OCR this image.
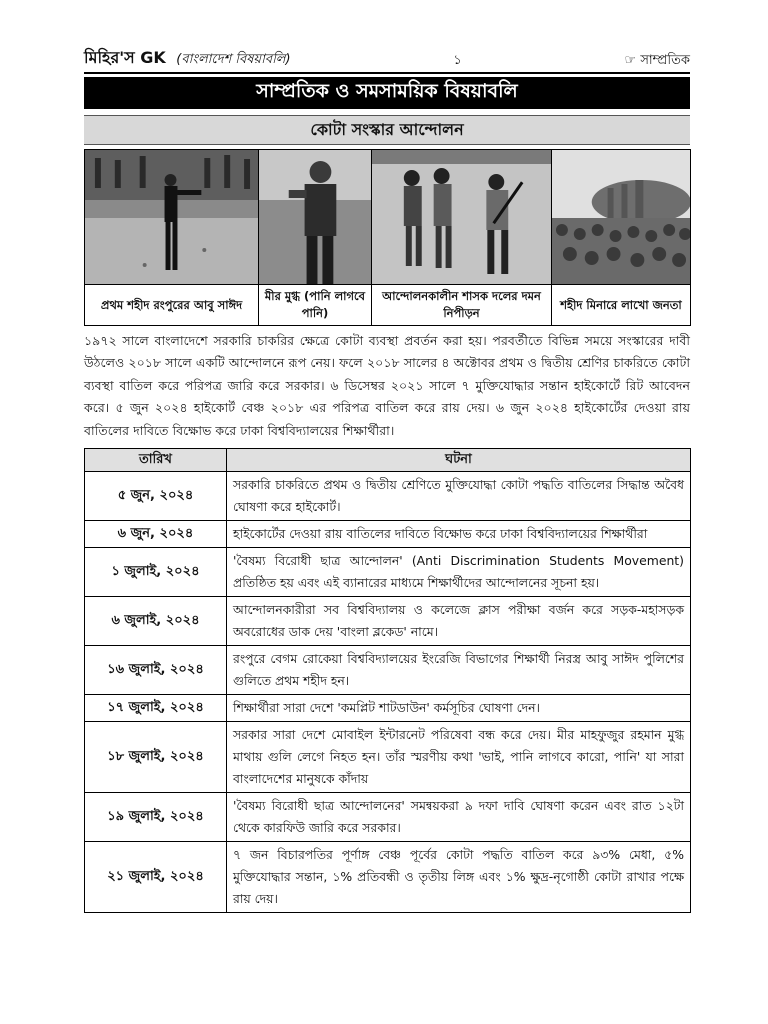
মিহির'স GK (বাংলাদেশ বিষয়াবলি)	১	☞ সাম্প্রতিক
সাম্প্রতিক ও সমসাময়িক বিষয়াবলি
কোটা সংস্কার আন্দোলন

প্রথম শহীদ রংপুরের আবু সাঈদ	মীর মুগ্ধ (পানি লাগবে পানি)	আন্দোলনকালীন শাসক দলের দমন নিপীড়ন	শহীদ মিনারে লাখো জনতা

১৯৭২ সালে বাংলাদেশে সরকারি চাকরির ক্ষেত্রে কোটা ব্যবস্থা প্রবর্তন করা হয়। পরবর্তীতে বিভিন্ন সময়ে সংস্কারের দাবী উঠলেও ২০১৮ সালে একটি আন্দোলনে রূপ নেয়। ফলে ২০১৮ সালের ৪ অক্টোবর প্রথম ও দ্বিতীয় শ্রেণির চাকরিতে কোটা ব্যবস্থা বাতিল করে পরিপত্র জারি করে সরকার। ৬ ডিসেম্বর ২০২১ সালে ৭ মুক্তিযোদ্ধার সন্তান হাইকোর্টে রিট আবেদন করে। ৫ জুন ২০২৪ হাইকোর্ট বেঞ্চ ২০১৮ এর পরিপত্র বাতিল করে রায় দেয়। ৬ জুন ২০২৪ হাইকোর্টের দেওয়া রায় বাতিলের দাবিতে বিক্ষোভ করে ঢাকা বিশ্ববিদ্যালয়ের শিক্ষার্থীরা।

তারিখ	ঘটনা
৫ জুন, ২০২৪	সরকারি চাকরিতে প্রথম ও দ্বিতীয় শ্রেণিতে মুক্তিযোদ্ধা কোটা পদ্ধতি বাতিলের সিদ্ধান্ত অবৈধ ঘোষণা করে হাইকোর্ট।
৬ জুন, ২০২৪	হাইকোর্টের দেওয়া রায় বাতিলের দাবিতে বিক্ষোভ করে ঢাকা বিশ্ববিদ্যালয়ের শিক্ষার্থীরা
১ জুলাই, ২০২৪	'বৈষম্য বিরোধী ছাত্র আন্দোলন' (Anti Discrimination Students Movement) প্রতিষ্ঠিত হয় এবং এই ব্যানারের মাধ্যমে শিক্ষার্থীদের আন্দোলনের সূচনা হয়।
৬ জুলাই, ২০২৪	আন্দোলনকারীরা সব বিশ্ববিদ্যালয় ও কলেজে ক্লাস পরীক্ষা বর্জন করে সড়ক-মহাসড়ক অবরোধের ডাক দেয় 'বাংলা ব্লকেড' নামে।
১৬ জুলাই, ২০২৪	রংপুরে বেগম রোকেয়া বিশ্ববিদ্যালয়ের ইংরেজি বিভাগের শিক্ষার্থী নিরস্ত্র আবু সাঈদ পুলিশের গুলিতে প্রথম শহীদ হন।
১৭ জুলাই, ২০২৪	শিক্ষার্থীরা সারা দেশে 'কমপ্লিট শাটডাউন' কর্মসূচির ঘোষণা দেন।
১৮ জুলাই, ২০২৪	সরকার সারা দেশে মোবাইল ইন্টারনেট পরিষেবা বন্ধ করে দেয়। মীর মাহফুজুর রহমান মুগ্ধ মাথায় গুলি লেগে নিহত হন। তাঁর স্মরণীয় কথা 'ভাই, পানি লাগবে কারো, পানি' যা সারা বাংলাদেশের মানুষকে কাঁদায়
১৯ জুলাই, ২০২৪	'বৈষম্য বিরোধী ছাত্র আন্দোলনের' সমন্বয়করা ৯ দফা দাবি ঘোষণা করেন এবং রাত ১২টা থেকে কারফিউ জারি করে সরকার।
২১ জুলাই, ২০২৪	৭ জন বিচারপতির পূর্ণাঙ্গ বেঞ্চ পূর্বের কোটা পদ্ধতি বাতিল করে ৯৩% মেধা, ৫% মুক্তিযোদ্ধার সন্তান, ১% প্রতিবন্ধী ও তৃতীয় লিঙ্গ এবং ১% ক্ষুদ্র-নৃগোষ্ঠী কোটা রাখার পক্ষে রায় দেয়।
